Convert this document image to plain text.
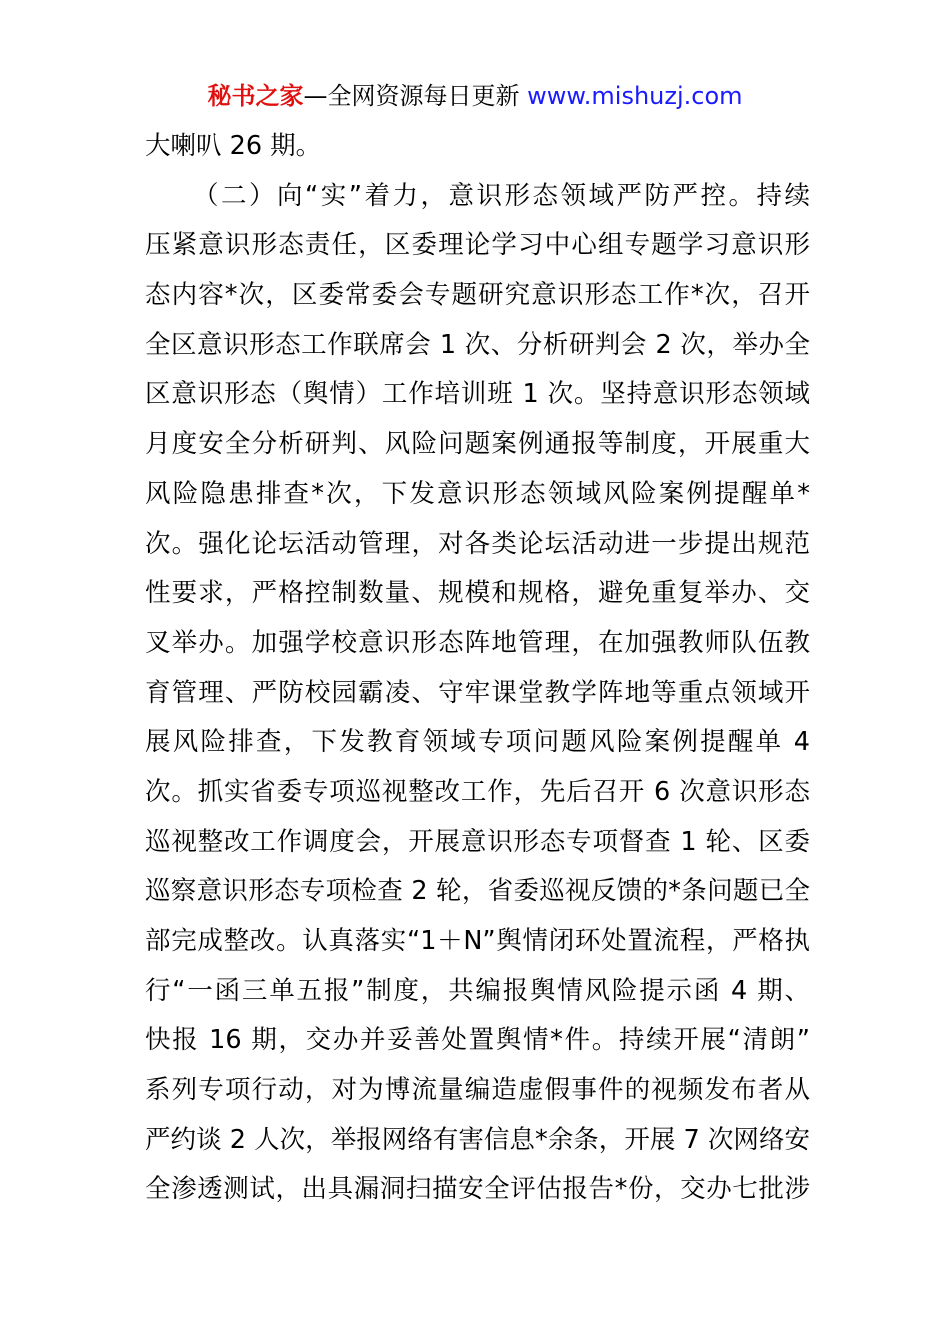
秘书之家—全网资源每日更新 www.mishuzj.com
大喇叭 26 期。
（二）向“实”着力，意识形态领域严防严控。持续
压紧意识形态责任，区委理论学习中心组专题学习意识形
态内容*次，区委常委会专题研究意识形态工作*次，召开
全区意识形态工作联席会 1 次、分析研判会 2 次，举办全
区意识形态（舆情）工作培训班 1 次。坚持意识形态领域
月度安全分析研判、风险问题案例通报等制度，开展重大
风险隐患排查*次，下发意识形态领域风险案例提醒单*
次。强化论坛活动管理，对各类论坛活动进一步提出规范
性要求，严格控制数量、规模和规格，避免重复举办、交
叉举办。加强学校意识形态阵地管理，在加强教师队伍教
育管理、严防校园霸凌、守牢课堂教学阵地等重点领域开
展风险排查，下发教育领域专项问题风险案例提醒单 4
次。抓实省委专项巡视整改工作，先后召开 6 次意识形态
巡视整改工作调度会，开展意识形态专项督查 1 轮、区委
巡察意识形态专项检查 2 轮，省委巡视反馈的*条问题已全
部完成整改。认真落实“1＋N”舆情闭环处置流程，严格执
行“一函三单五报”制度，共编报舆情风险提示函 4 期、
快报 16 期，交办并妥善处置舆情*件。持续开展“清朗”
系列专项行动，对为博流量编造虚假事件的视频发布者从
严约谈 2 人次，举报网络有害信息*余条，开展 7 次网络安
全渗透测试，出具漏洞扫描安全评估报告*份，交办七批涉
